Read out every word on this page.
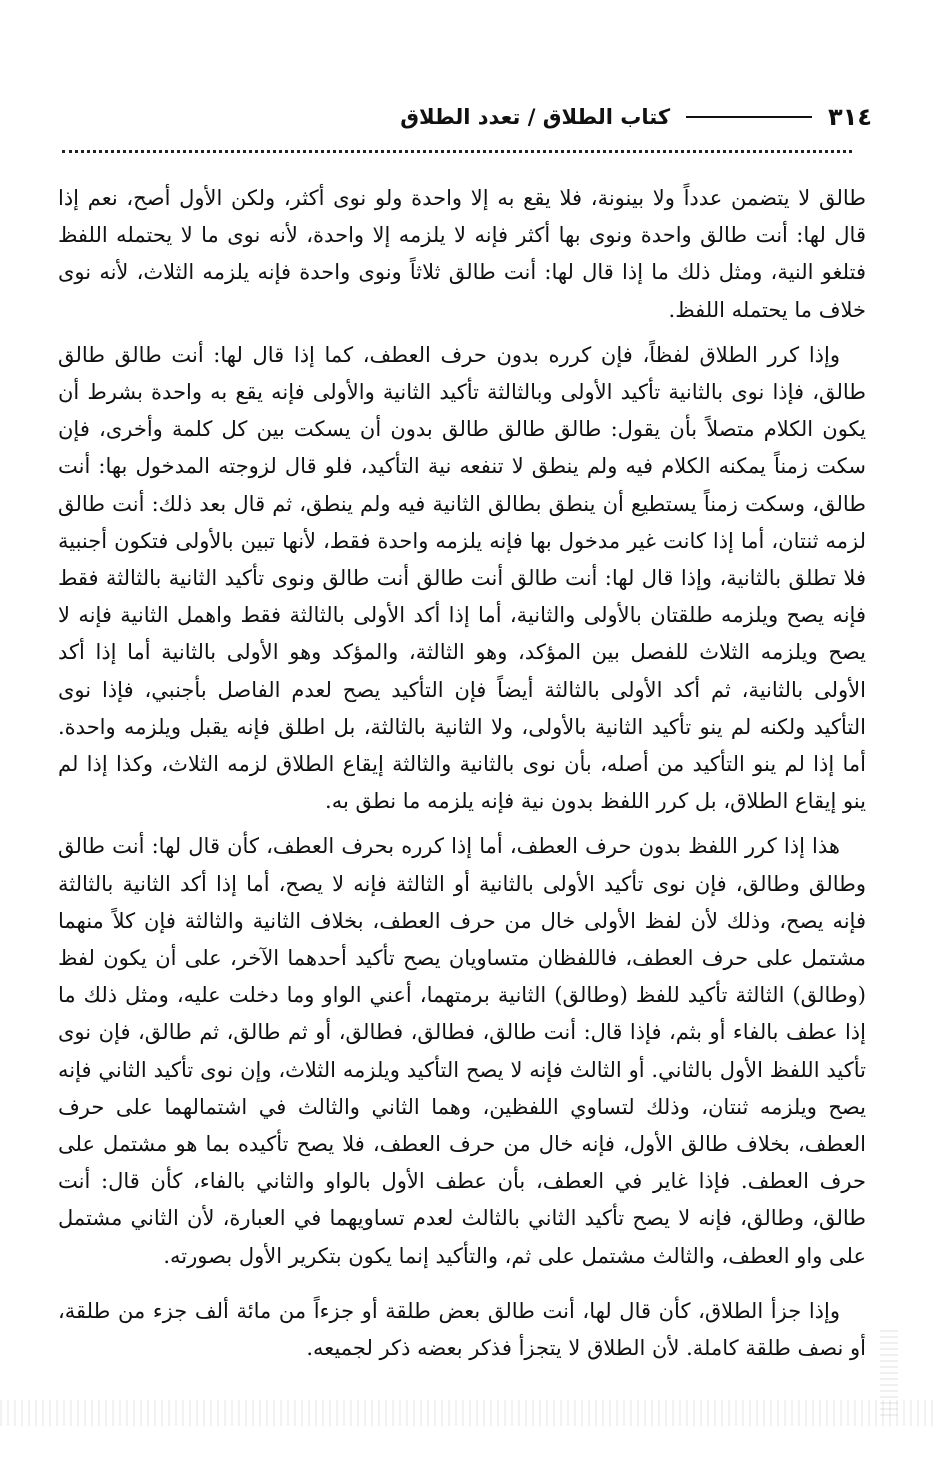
٣١٤
كتاب الطلاق / تعدد الطلاق

طالق لا يتضمن عدداً ولا بينونة، فلا يقع به إلا واحدة ولو نوى أكثر، ولكن الأول أصح، نعم إذا قال لها: أنت طالق واحدة ونوى بها أكثر فإنه لا يلزمه إلا واحدة، لأنه نوى ما لا يحتمله اللفظ فتلغو النية، ومثل ذلك ما إذا قال لها: أنت طالق ثلاثاً ونوى واحدة فإنه يلزمه الثلاث، لأنه نوى خلاف ما يحتمله اللفظ.

وإذا كرر الطلاق لفظاً، فإن كرره بدون حرف العطف، كما إذا قال لها: أنت طالق طالق طالق، فإذا نوى بالثانية تأكيد الأولى وبالثالثة تأكيد الثانية والأولى فإنه يقع به واحدة بشرط أن يكون الكلام متصلاً بأن يقول: طالق طالق طالق بدون أن يسكت بين كل كلمة وأخرى، فإن سكت زمناً يمكنه الكلام فيه ولم ينطق لا تنفعه نية التأكيد، فلو قال لزوجته المدخول بها: أنت طالق، وسكت زمناً يستطيع أن ينطق بطالق الثانية فيه ولم ينطق، ثم قال بعد ذلك: أنت طالق لزمه ثنتان، أما إذا كانت غير مدخول بها فإنه يلزمه واحدة فقط، لأنها تبين بالأولى فتكون أجنبية فلا تطلق بالثانية، وإذا قال لها: أنت طالق أنت طالق أنت طالق ونوى تأكيد الثانية بالثالثة فقط فإنه يصح ويلزمه طلقتان بالأولى والثانية، أما إذا أكد الأولى بالثالثة فقط واهمل الثانية فإنه لا يصح ويلزمه الثلاث للفصل بين المؤكد، وهو الثالثة، والمؤكد وهو الأولى بالثانية أما إذا أكد الأولى بالثانية، ثم أكد الأولى بالثالثة أيضاً فإن التأكيد يصح لعدم الفاصل بأجنبي، فإذا نوى التأكيد ولكنه لم ينو تأكيد الثانية بالأولى، ولا الثانية بالثالثة، بل اطلق فإنه يقبل ويلزمه واحدة. أما إذا لم ينو التأكيد من أصله، بأن نوى بالثانية والثالثة إيقاع الطلاق لزمه الثلاث، وكذا إذا لم ينو إيقاع الطلاق، بل كرر اللفظ بدون نية فإنه يلزمه ما نطق به.

هذا إذا كرر اللفظ بدون حرف العطف، أما إذا كرره بحرف العطف، كأن قال لها: أنت طالق وطالق وطالق، فإن نوى تأكيد الأولى بالثانية أو الثالثة فإنه لا يصح، أما إذا أكد الثانية بالثالثة فإنه يصح، وذلك لأن لفظ الأولى خال من حرف العطف، بخلاف الثانية والثالثة فإن كلاً منهما مشتمل على حرف العطف، فاللفظان متساويان يصح تأكيد أحدهما الآخر، على أن يكون لفظ (وطالق) الثالثة تأكيد للفظ (وطالق) الثانية برمتهما، أعني الواو وما دخلت عليه، ومثل ذلك ما إذا عطف بالفاء أو بثم، فإذا قال: أنت طالق، فطالق، فطالق، أو ثم طالق، ثم طالق، فإن نوى تأكيد اللفظ الأول بالثاني. أو الثالث فإنه لا يصح التأكيد ويلزمه الثلاث، وإن نوى تأكيد الثاني فإنه يصح ويلزمه ثنتان، وذلك لتساوي اللفظين، وهما الثاني والثالث في اشتمالهما على حرف العطف، بخلاف طالق الأول، فإنه خال من حرف العطف، فلا يصح تأكيده بما هو مشتمل على حرف العطف. فإذا غاير في العطف، بأن عطف الأول بالواو والثاني بالفاء، كأن قال: أنت طالق، وطالق، فإنه لا يصح تأكيد الثاني بالثالث لعدم تساويهما في العبارة، لأن الثاني مشتمل على واو العطف، والثالث مشتمل على ثم، والتأكيد إنما يكون بتكرير الأول بصورته.

وإذا جزأ الطلاق، كأن قال لها، أنت طالق بعض طلقة أو جزءاً من مائة ألف جزء من طلقة، أو نصف طلقة كاملة. لأن الطلاق لا يتجزأ فذكر بعضه ذكر لجميعه.
